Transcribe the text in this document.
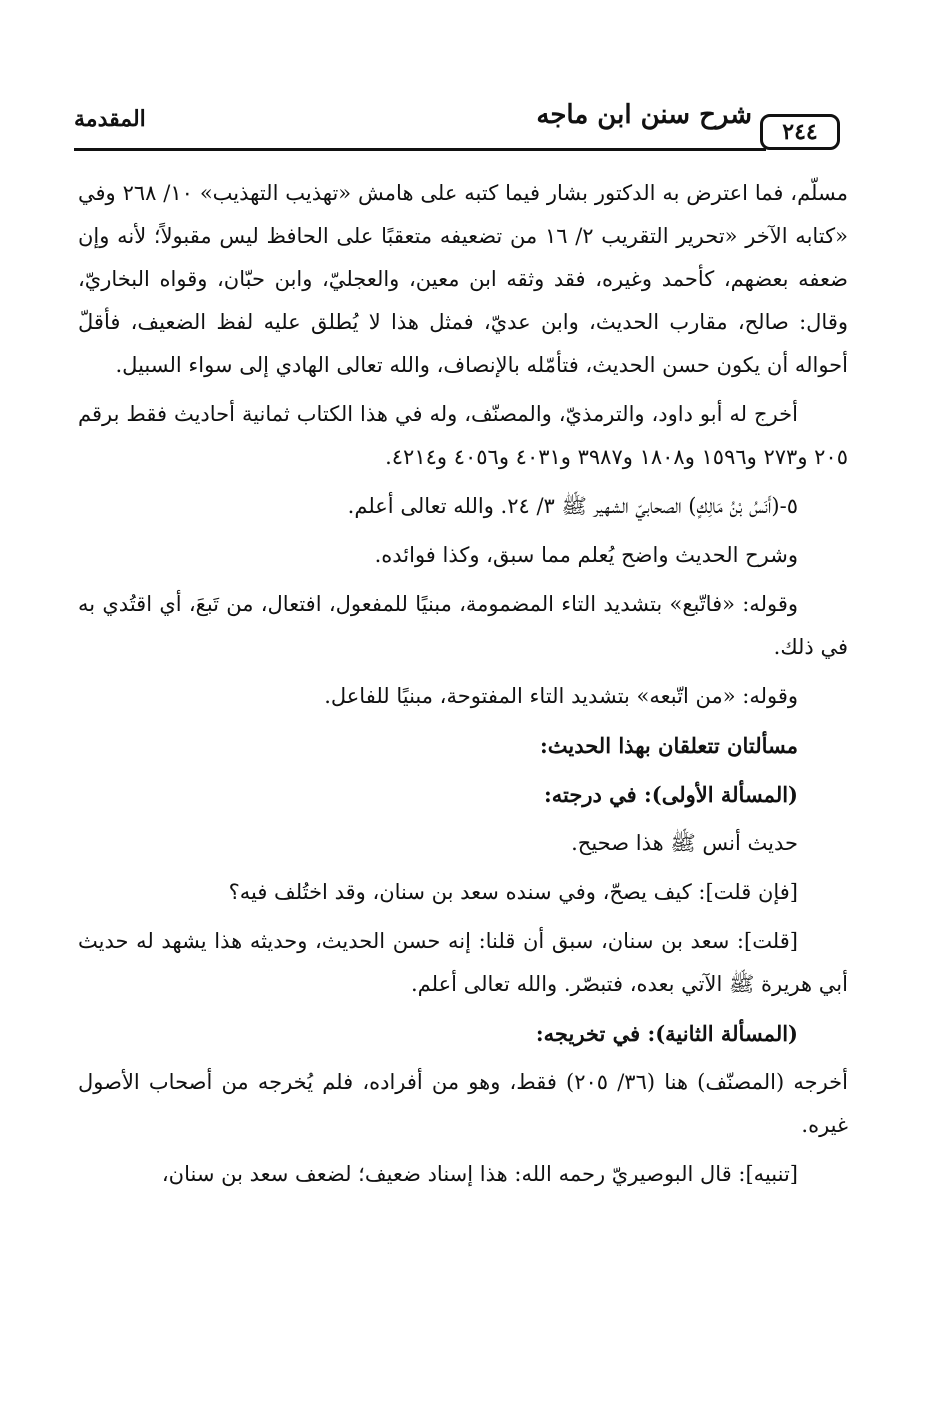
٢٤٤
شرح سنن ابن ماجه
المقدمة

مسلّم، فما اعترض به الدكتور بشار فيما كتبه على هامش «تهذيب التهذيب» ١٠/ ٢٦٨ وفي «كتابه الآخر «تحرير التقريب ٢/ ١٦ من تضعيفه متعقبًا على الحافظ ليس مقبولاً؛ لأنه وإن ضعفه بعضهم، كأحمد وغيره، فقد وثقه ابن معين، والعجليّ، وابن حبّان، وقواه البخاريّ، وقال: صالح، مقارب الحديث، وابن عديّ، فمثل هذا لا يُطلق عليه لفظ الضعيف، فأقلّ أحواله أن يكون حسن الحديث، فتأمّله بالإنصاف، والله تعالى الهادي إلى سواء السبيل.

أخرج له أبو داود، والترمذيّ، والمصنّف، وله في هذا الكتاب ثمانية أحاديث فقط برقم ٢٠٥ و٢٧٣ و١٥٩٦ و١٨٠٨ و٣٩٨٧ و٤٠٣١ و٤٠٥٦ و٤٢١٤.

٥-(أَنَسُ بْنُ مَالِكٍ) الصحابيّ الشهير ﷺ ٣/ ٢٤. والله تعالى أعلم.

وشرح الحديث واضح يُعلم مما سبق، وكذا فوائده.

وقوله: «فاتّبع» بتشديد التاء المضمومة، مبنيًا للمفعول، افتعال، من تَبعَ، أي اقتُدي به في ذلك.

وقوله: «من اتّبعه» بتشديد التاء المفتوحة، مبنيًا للفاعل.

مسألتان تتعلقان بهذا الحديث:

(المسألة الأولى): في درجته:

حديث أنس ﷺ هذا صحيح.

[فإن قلت]: كيف يصحّ، وفي سنده سعد بن سنان، وقد اختُلف فيه؟

[قلت]: سعد بن سنان، سبق أن قلنا: إنه حسن الحديث، وحديثه هذا يشهد له حديث أبي هريرة ﷺ الآتي بعده، فتبصّر. والله تعالى أعلم.

(المسألة الثانية): في تخريجه:

أخرجه (المصنّف) هنا (٣٦/ ٢٠٥) فقط، وهو من أفراده، فلم يُخرجه من أصحاب الأصول غيره.

[تنبيه]: قال البوصيريّ رحمه الله: هذا إسناد ضعيف؛ لضعف سعد بن سنان،
